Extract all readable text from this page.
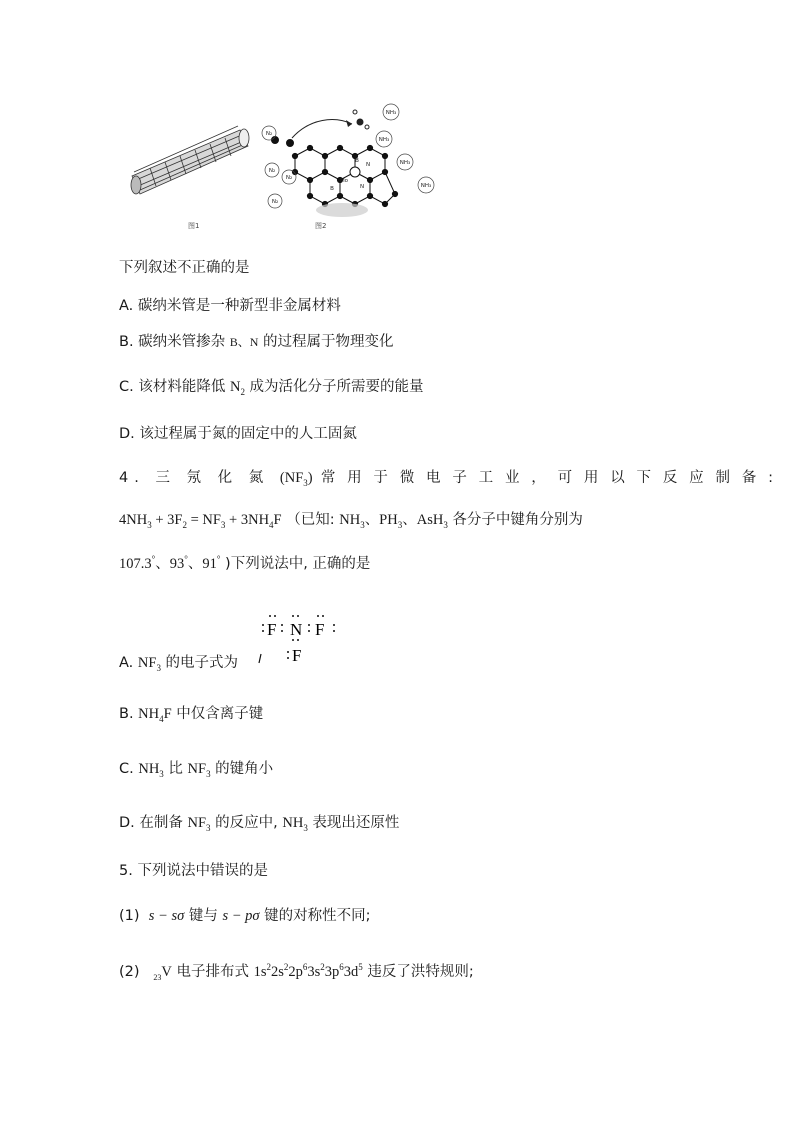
图1
N₂
N₂
N₂
N₂
NH₃
NH₃
NH₃
NH₃
B
N
Mo
B	N
图2
下列叙述不正确的是
A. 碳纳米管是一种新型非金属材料
B. 碳纳米管掺杂 B、N 的过程属于物理变化
C. 该材料能降低 $N_2$ 成为活化分子所需要的能量
D. 该过程属于氮的固定中的人工固氮
4. 三 氖 化 氮 $(NF_3)$ 常 用 于 微 电 子 工 业 ， 可 用 以 下 反 应 制 备 :
$4NH_3 + 3F_2 = NF_3 + 3NH_4F$ （已知: $NH_3$、$PH_3$、AsH$_3$ 各分子中键角分别为
107.3°、93°、91° )下列说法中, 正确的是
F N F
F
A. $NF_3$ 的电子式为
B. $NH_4F$ 中仅含离子键
C. $NH_3$ 比 $NF_3$ 的键角小
D. 在制备 $NF_3$ 的反应中, $NH_3$ 表现出还原性
5. 下列说法中错误的是
(1) s − sσ 键与 s − pσ 键的对称性不同;
(2) $_{23}$V 电子排布式 $1s^22s^22p^63s^23p^63d^5$ 违反了洪特规则;
